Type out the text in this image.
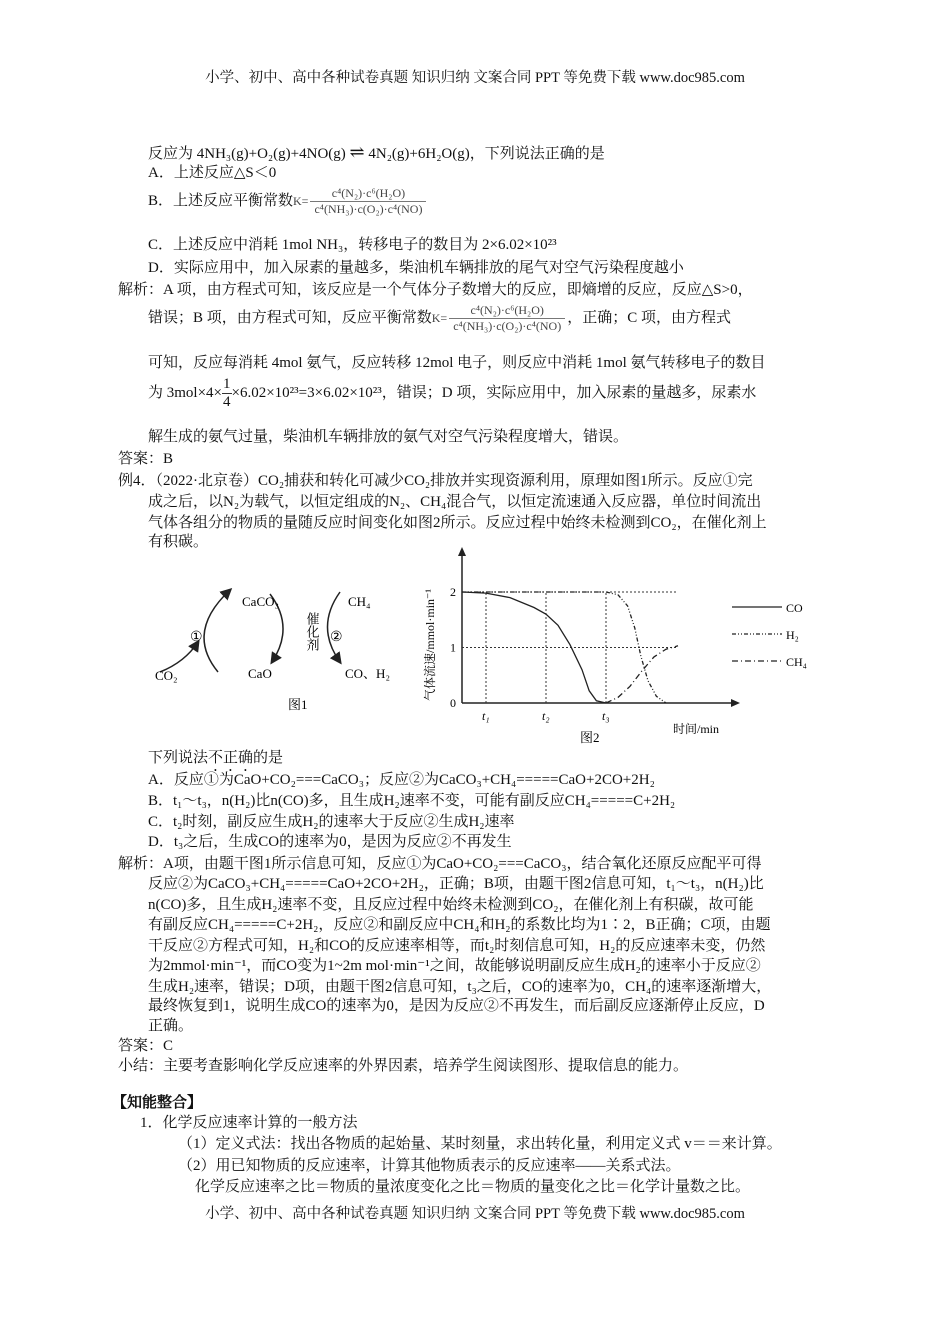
小学、初中、高中各种试卷真题 知识归纳 文案合同 PPT 等免费下载 www.doc985.com
反应为 4NH₃(g)+O₂(g)+4NO(g) ⇌ 4N₂(g)+6H₂O(g)，下列说法正确的是
A．上述反应△S＜0
B．上述反应平衡常数$K= \frac{\text{c⁴(N₂)·c⁶(H₂O)}}{\text{c⁴(NH₃)·c(O₂)·c⁴(NO)}}$
C．上述反应中消耗 1mol NH₃，转移电子的数目为 2×6.02×10²³
D．实际应用中，加入尿素的量越多，柴油机车辆排放的尾气对空气污染程度越小
解析：A 项，由方程式可知，该反应是一个气体分子数增大的反应，即熵增的反应，反应△S>0，
错误；B 项，由方程式可知，反应平衡常数$K= \frac{\text{c⁴(N₂)·c⁶(H₂O)}}{\text{c⁴(NH₃)·c(O₂)·c⁴(NO)}}$ ，正确；C 项，由方程式
可知，反应每消耗 4mol 氨气，反应转移 12mol 电子，则反应中消耗 1mol 氨气转移电子的数目
为 $3mol\times 4\times \frac{1}{4} \times 6.02\times 10^{23}=3\times 6.02\times 10^{23}$，错误；D 项，实际应用中，加入尿素的量越多，尿素水
解生成的氨气过量，柴油机车辆排放的氨气对空气污染程度增大，错误。
答案：B
例4．（2022·北京卷）CO₂捕获和转化可减少CO₂排放并实现资源利用，原理如图1所示。反应①完
成之后，以N₂为载气，以恒定组成的N₂、CH₄混合气，以恒定流速通入反应器，单位时间流出
气体各组分的物质的量随反应时间变化如图2所示。反应过程中始终未检测到CO₂，在催化剂上
有积碳。
CaCO₃	CH₄
①	②
催化剂
CO₂	CaO	CO、H₂
图1
t₁	t₂	t₃
0
1
2
CO
H₂
CH₄
气体流速/mmol·min⁻¹
时间/min
图2
下列说法不正确的是
A．反应①为CaO+CO₂===CaCO₃；反应②为CaCO₃+CH₄=====CaO+2CO+2H₂
B．t₁～t₃，n(H₂)比n(CO)多，且生成H₂速率不变，可能有副反应CH₄=====C+2H₂
C．t₂时刻，副反应生成H₂的速率大于反应②生成H₂速率
D．t₃之后，生成CO的速率为0，是因为反应②不再发生
解析：A项，由题干图1所示信息可知，反应①为CaO+CO₂===CaCO₃，结合氧化还原反应配平可得
反应②为CaCO₃+CH₄=====CaO+2CO+2H₂，正确；B项，由题干图2信息可知，t₁～t₃，n(H₂)比
n(CO)多，且生成H₂速率不变，且反应过程中始终未检测到CO₂，在催化剂上有积碳，故可能
有副反应CH₄=====C+2H₂，反应②和副反应中CH₄和H₂的系数比均为1∶2，B正确；C项，由题
干反应②方程式可知，H₂和CO的反应速率相等，而t₂时刻信息可知，H₂的反应速率未变，仍然
为2mmol·min⁻¹，而CO变为1~2m mol·min⁻¹之间，故能够说明副反应生成H₂的速率小于反应②
生成H₂速率，错误；D项，由题干图2信息可知，t₃之后，CO的速率为0，CH₄的速率逐渐增大，
最终恢复到1，说明生成CO的速率为0，是因为反应②不再发生，而后副反应逐渐停止反应，D
正确。
答案：C
小结：主要考查影响化学反应速率的外界因素，培养学生阅读图形、提取信息的能力。
【知能整合】
1．化学反应速率计算的一般方法
（1）定义式法：找出各物质的起始量、某时刻量，求出转化量，利用定义式 v＝＝来计算。
（2）用已知物质的反应速率，计算其他物质表示的反应速率——关系式法。
化学反应速率之比＝物质的量浓度变化之比＝物质的量变化之比＝化学计量数之比。
小学、初中、高中各种试卷真题 知识归纳 文案合同 PPT 等免费下载 www.doc985.com
